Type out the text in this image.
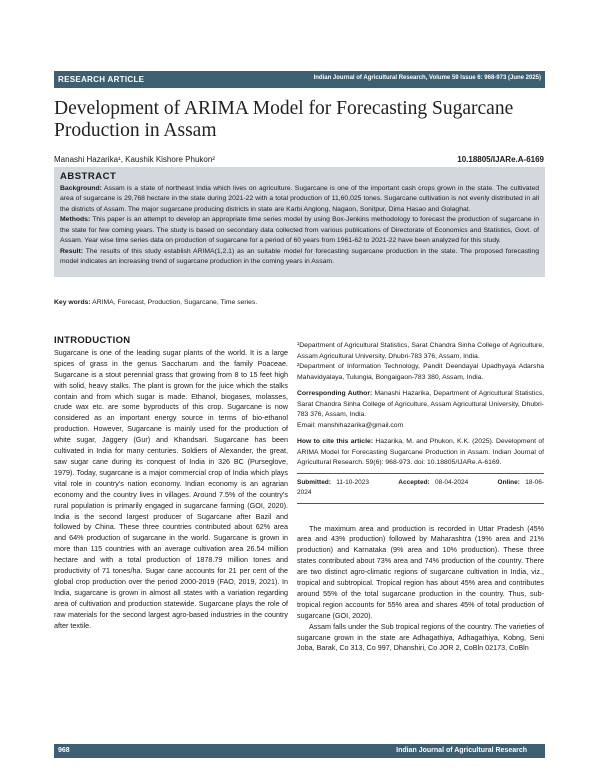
RESEARCH ARTICLE	Indian Journal of Agricultural Research, Volume 59 Issue 6: 968-973 (June 2025)
Development of ARIMA Model for Forecasting Sugarcane Production in Assam
Manashi Hazarika¹, Kaushik Kishore Phukon²	10.18805/IJARe.A-6169
ABSTRACT

Background: Assam is a state of northeast India which lives on agriculture. Sugarcane is one of the important cash crops grown in the state. The cultivated area of sugarcane is 29,768 hectare in the state during 2021-22 with a total production of 11,60,025 tones. Sugarcane cultivation is not evenly distributed in all the districts of Assam. The major sugarcane producing districts in state are Karbi Anglong, Nagaon, Sonitpur, Dima Hasao and Golaghat.

Methods: This paper is an attempt to develop an appropriate time series model by using Box-Jenkins methodology to forecast the production of sugarcane in the state for few coming years. The study is based on secondary data collected from various publications of Directorate of Economics and Statistics, Govt. of Assam. Year wise time series data on production of sugarcane for a period of 60 years from 1961-62 to 2021-22 have been analyzed for this study.

Result: The results of this study establish ARIMA(1,2,1) as an suitable model for forecasting sugarcane production in the state. The proposed forecasting model indicates an increasing trend of sugarcane production in the coming years in Assam.

Key words: ARIMA, Forecast, Production, Sugarcane, Time series.
INTRODUCTION

Sugarcane is one of the leading sugar plants of the world. It is a large spices of grass in the genus Saccharum and the family Poaceae. Sugarcane is a stout perennial grass that growing from 8 to 15 feet high with solid, heavy stalks. The plant is grown for the juice which the stalks contain and from which sugar is made. Ethanol, biogases, molasses, crude wax etc. are some byproducts of this crop. Sugarcane is now considered as an important energy source in terms of bio-ethanol production. However, Sugarcane is mainly used for the production of white sugar, Jaggery (Gur) and Khandsari. Sugarcane has been cultivated in India for many centuries. Soldiers of Alexander, the great, saw sugar cane during its conquest of India in 326 BC (Purseglove, 1979). Today, sugarcane is a major commercial crop of India which plays vital role in country's nation economy. Indian economy is an agrarian economy and the country lives in villages. Around 7.5% of the country's rural population is primarily engaged in sugarcane farming (GOI, 2020). India is the second largest producer of Sugarcane after Bazil and followed by China. These three countries contributed about 62% area and 64% production of sugarcane in the world. Sugarcane is grown in more than 115 countries with an average cultivation area 26.54 million hectare and with a total production of 1878.79 million tones and productivity of 71 tones/ha. Sugar cane accounts for 21 per cent of the global crop production over the period 2000-2019 (FAO, 2019, 2021). In India, sugarcane is grown in almost all states with a variation regarding area of cultivation and production statewide. Sugarcane plays the role of raw materials for the second largest agro-based industries in the country after textile.

¹Department of Agricultural Statistics, Sarat Chandra Sinha College of Agriculture, Assam Agricultural University, Dhubri-783 376, Assam, India.

²Department of Information Technology, Pandit Deendayal Upadhyaya Adarsha Mahavidyalaya, Tulungia, Bongaigaon-783 380, Assam, India.

Corresponding Author: Manashi Hazarika, Department of Agricultural Statistics, Sarat Chandra Sinha College of Agriculture, Assam Agricultural University, Dhubri-783 376, Assam, India.

Email: manshihazarika@gmail.com

How to cite this article: Hazarika, M. and Phukon, K.K. (2025). Development of ARIMA Model for Forecasting Sugarcane Production in Assam. Indian Journal of Agricultural Research. 59(6): 968-973. doi: 10.18805/IJARe.A-6169.

Submitted: 11-10-2023	Accepted: 08-04-2024	Online: 18-06-2024

The maximum area and production is recorded in Uttar Pradesh (45% area and 43% production) followed by Maharashtra (19% area and 21% production) and Karnataka (9% area and 10% production). These three states contributed about 73% area and 74% production of the country. There are two distinct agro-climatic regions of sugarcane cultivation in India, viz., tropical and subtropical. Tropical region has about 45% area and contributes around 55% of the total sugarcane production in the country. Thus, sub-tropical region accounts for 55% area and shares 45% of total production of sugarcane (GOI, 2020).

Assam falls under the Sub tropical regions of the country. The varieties of sugarcane grown in the state are Adhagathiya, Adhagathiya, Kobng, Seni Joba, Barak, Co 313, Co 997, Dhanshiri, Co JOR 2, CoBln 02173, CoBln

968	Indian Journal of Agricultural Research
